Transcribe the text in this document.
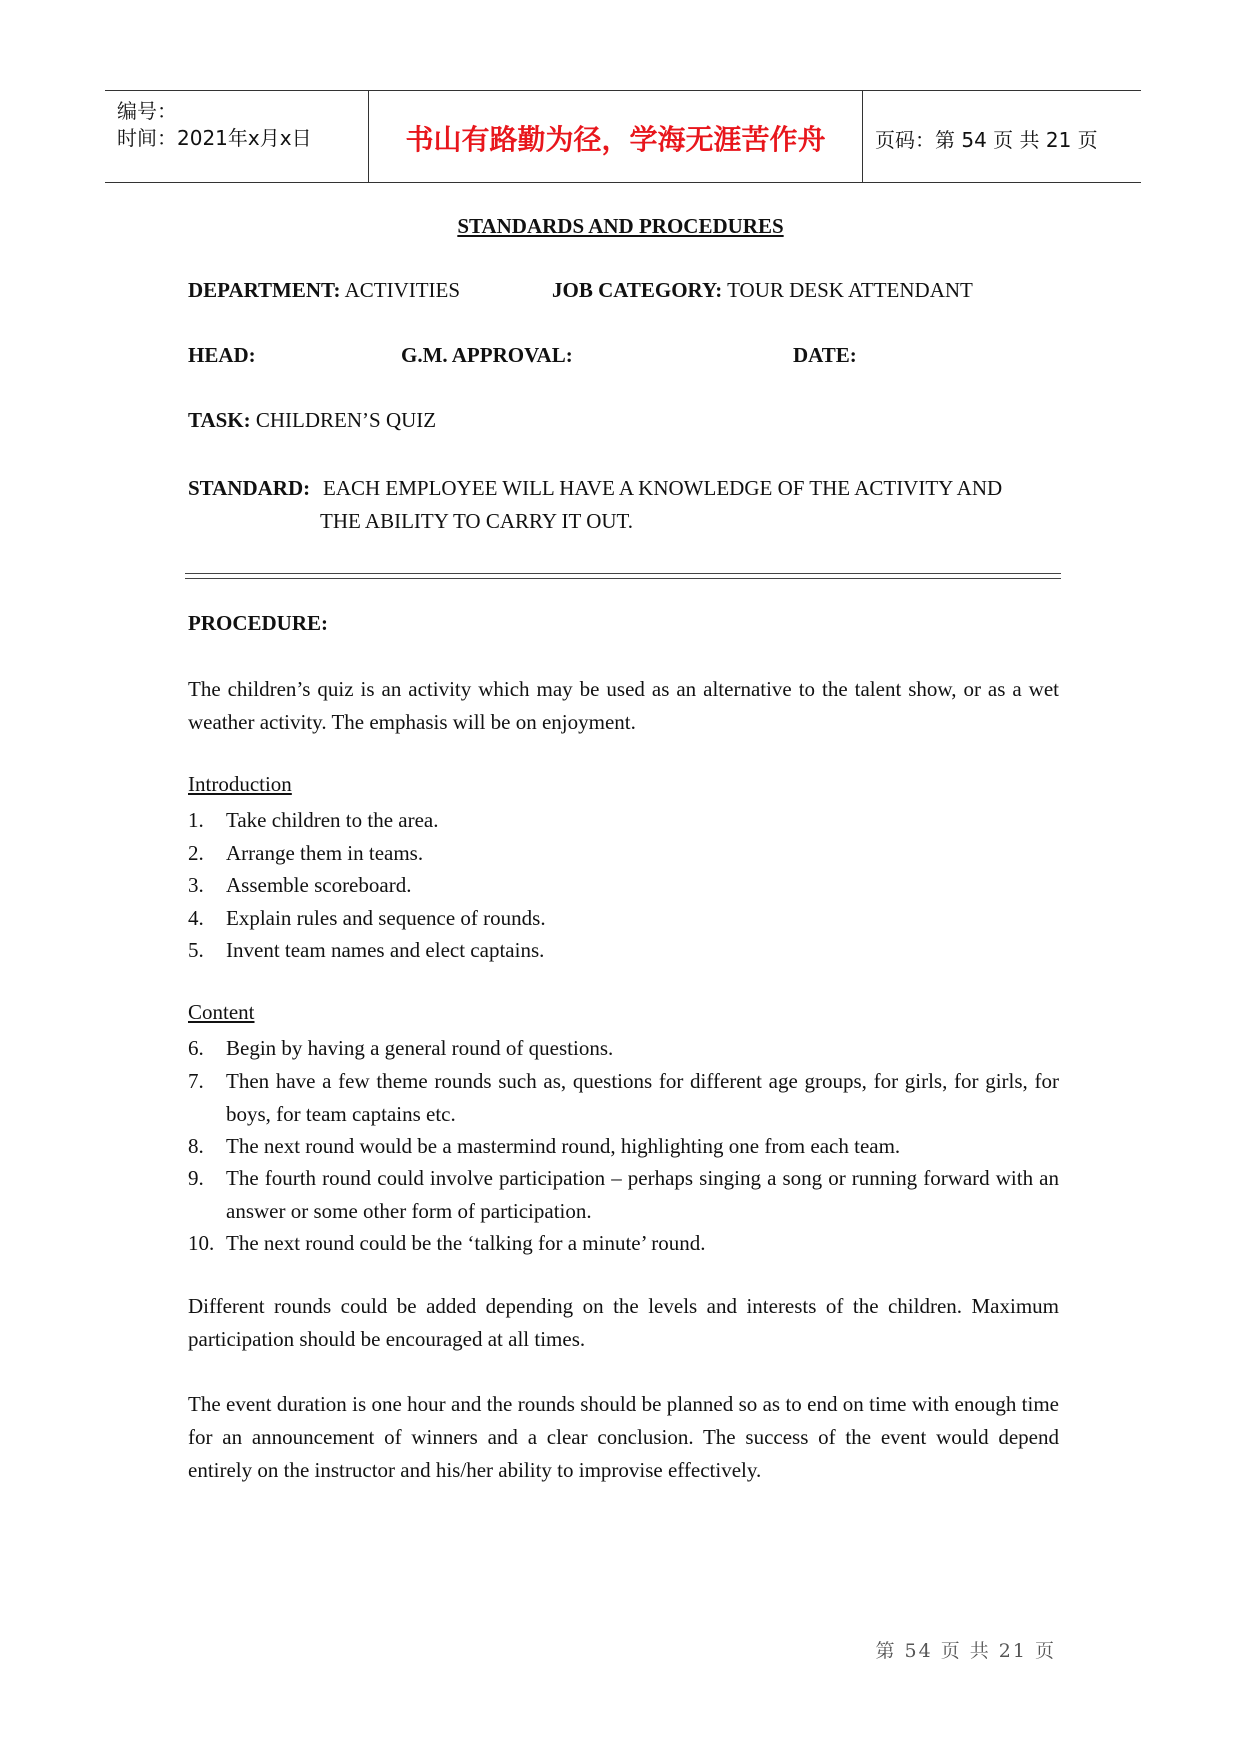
编号：
时间：2021年x月x日	书山有路勤为径，学海无涯苦作舟	页码：第 54 页 共 21 页
STANDARDS AND PROCEDURES
DEPARTMENT: ACTIVITIES	JOB CATEGORY: TOUR DESK ATTENDANT
HEAD:	G.M. APPROVAL:	DATE:
TASK: CHILDREN’S QUIZ
STANDARD: EACH EMPLOYEE WILL HAVE A KNOWLEDGE OF THE ACTIVITY AND
THE ABILITY TO CARRY IT OUT.
PROCEDURE:
The children’s quiz is an activity which may be used as an alternative to the talent show, or as a wet weather activity. The emphasis will be on enjoyment.
Introduction
1.	Take children to the area.
2.	Arrange them in teams.
3.	Assemble scoreboard.
4.	Explain rules and sequence of rounds.
5.	Invent team names and elect captains.
Content
6.	Begin by having a general round of questions.
7.	Then have a few theme rounds such as, questions for different age groups, for girls, for girls, for boys, for team captains etc.
8.	The next round would be a mastermind round, highlighting one from each team.
9.	The fourth round could involve participation – perhaps singing a song or running forward with an answer or some other form of participation.
10. The next round could be the ‘talking for a minute’ round.
Different rounds could be added depending on the levels and interests of the children. Maximum participation should be encouraged at all times.
The event duration is one hour and the rounds should be planned so as to end on time with enough time for an announcement of winners and a clear conclusion. The success of the event would depend entirely on the instructor and his/her ability to improvise effectively.
第 54 页 共 21 页
